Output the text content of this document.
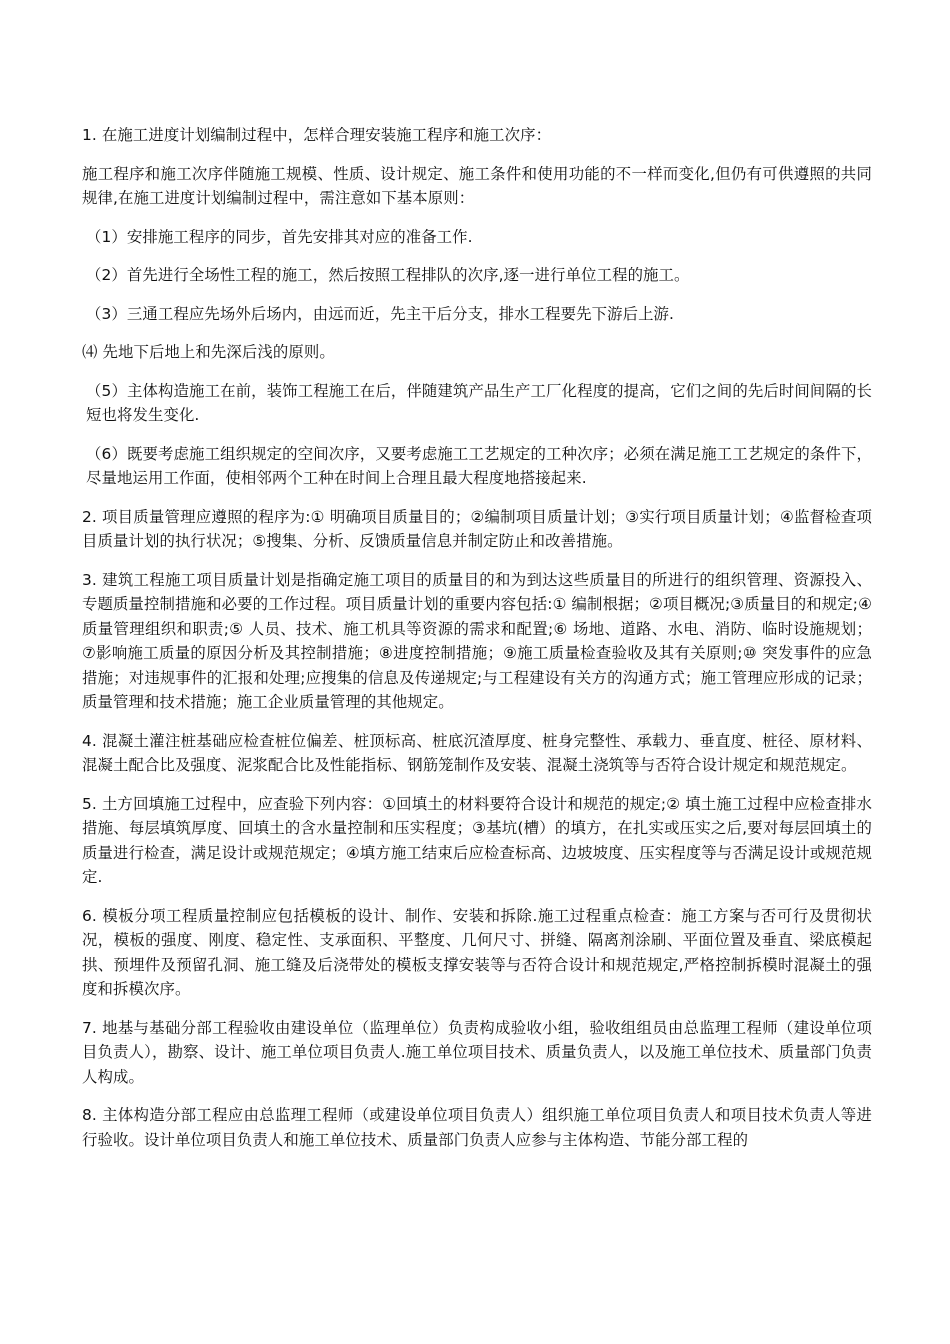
1. 在施工进度计划编制过程中，怎样合理安装施工程序和施工次序：

施工程序和施工次序伴随施工规模、性质、设计规定、施工条件和使用功能的不一样而变化,但仍有可供遵照的共同规律,在施工进度计划编制过程中，需注意如下基本原则：

（1）安排施工程序的同步，首先安排其对应的准备工作.

（2）首先进行全场性工程的施工，然后按照工程排队的次序,逐一进行单位工程的施工。

（3）三通工程应先场外后场内，由远而近，先主干后分支，排水工程要先下游后上游.

⑷ 先地下后地上和先深后浅的原则。

（5）主体构造施工在前，装饰工程施工在后，伴随建筑产品生产工厂化程度的提高，它们之间的先后时间间隔的长短也将发生变化.

（6）既要考虑施工组织规定的空间次序，又要考虑施工工艺规定的工种次序；必须在满足施工工艺规定的条件下，尽量地运用工作面，使相邻两个工种在时间上合理且最大程度地搭接起来.

2. 项目质量管理应遵照的程序为:① 明确项目质量目的；②编制项目质量计划；③实行项目质量计划；④监督检查项目质量计划的执行状况；⑤搜集、分析、反馈质量信息并制定防止和改善措施。

3. 建筑工程施工项目质量计划是指确定施工项目的质量目的和为到达这些质量目的所进行的组织管理、资源投入、专题质量控制措施和必要的工作过程。项目质量计划的重要内容包括:① 编制根据；②项目概况;③质量目的和规定;④ 质量管理组织和职责;⑤ 人员、技术、施工机具等资源的需求和配置;⑥ 场地、道路、水电、消防、临时设施规划；⑦影响施工质量的原因分析及其控制措施；⑧进度控制措施；⑨施工质量检查验收及其有关原则;⑩ 突发事件的应急措施；对违规事件的汇报和处理;应搜集的信息及传递规定;与工程建设有关方的沟通方式；施工管理应形成的记录；质量管理和技术措施；施工企业质量管理的其他规定。

4. 混凝土灌注桩基础应检查桩位偏差、桩顶标高、桩底沉渣厚度、桩身完整性、承载力、垂直度、桩径、原材料、混凝土配合比及强度、泥浆配合比及性能指标、钢筋笼制作及安装、混凝土浇筑等与否符合设计规定和规范规定。

5. 土方回填施工过程中，应查验下列内容：①回填土的材料要符合设计和规范的规定;② 填土施工过程中应检查排水措施、每层填筑厚度、回填土的含水量控制和压实程度；③基坑(槽）的填方，在扎实或压实之后,要对每层回填土的质量进行检查，满足设计或规范规定；④填方施工结束后应检查标高、边坡坡度、压实程度等与否满足设计或规范规定.

6. 模板分项工程质量控制应包括模板的设计、制作、安装和拆除.施工过程重点检查：施工方案与否可行及贯彻状况，模板的强度、刚度、稳定性、支承面积、平整度、几何尺寸、拼缝、隔离剂涂刷、平面位置及垂直、梁底模起拱、预埋件及预留孔洞、施工缝及后浇带处的模板支撑安装等与否符合设计和规范规定,严格控制拆模时混凝土的强度和拆模次序。

7. 地基与基础分部工程验收由建设单位（监理单位）负责构成验收小组，验收组组员由总监理工程师（建设单位项目负责人），勘察、设计、施工单位项目负责人.施工单位项目技术、质量负责人，以及施工单位技术、质量部门负责人构成。

8. 主体构造分部工程应由总监理工程师（或建设单位项目负责人）组织施工单位项目负责人和项目技术负责人等进行验收。设计单位项目负责人和施工单位技术、质量部门负责人应参与主体构造、节能分部工程的
